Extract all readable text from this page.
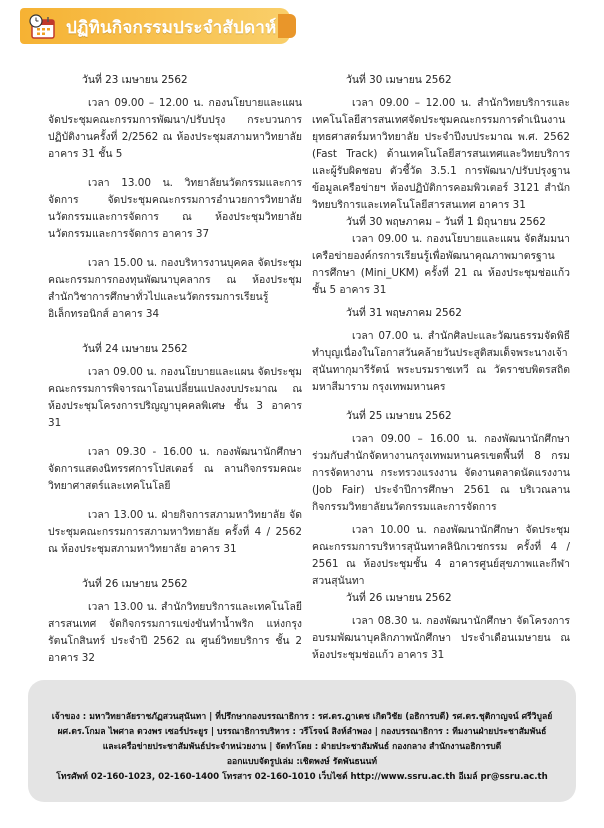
ปฏิทินกิจกรรมประจำสัปดาห์
วันที่ 23 เมษายน 2562
เวลา 09.00 – 12.00 น. กองนโยบายและแผน จัดประชุมคณะกรรมการพัฒนา/ปรับปรุง กระบวนการปฏิบัติงานครั้งที่ 2/2562 ณ ห้องประชุมสภามหาวิทยาลัย อาคาร 31 ชั้น 5
เวลา 13.00 น. วิทยาลัยนวัตกรรมและการจัดการ จัดประชุมคณะกรรมการอำนวยการวิทยาลัยนวัตกรรมและการจัดการ ณ ห้องประชุมวิทยาลัยนวัตกรรมและการจัดการ อาคาร 37
เวลา 15.00 น. กองบริหารงานบุคคล จัดประชุมคณะกรรมการกองทุนพัฒนาบุคลากร ณ ห้องประชุมสำนักวิชาการศึกษาทั่วไปและนวัตกรรมการเรียนรู้อิเล็กทรอนิกส์ อาคาร 34
วันที่ 24 เมษายน 2562
เวลา 09.00 น. กองนโยบายและแผน จัดประชุมคณะกรรมการพิจารณาโอนเปลี่ยนแปลงงบประมาณ ณ ห้องประชุมโครงการปริญญาบุคคลพิเศษ ชั้น 3 อาคาร 31
เวลา 09.30 - 16.00 น. กองพัฒนานักศึกษาจัดการแสดงนิทรรศการโปสเตอร์ ณ ลานกิจกรรมคณะวิทยาศาสตร์และเทคโนโลยี
เวลา 13.00 น. ฝ่ายกิจการสภามหาวิทยาลัย จัดประชุมคณะกรรมการสภามหาวิทยาลัย ครั้งที่ 4 / 2562 ณ ห้องประชุมสภามหาวิทยาลัย อาคาร 31
วันที่ 26 เมษายน 2562
เวลา 13.00 น. สำนักวิทยบริการและเทคโนโลยีสารสนเทศ จัดกิจกรรมการแข่งขันทำน้ำพริก แห่งกรุงรัตนโกสินทร์ ประจำปี 2562 ณ ศูนย์วิทยบริการ ชั้น 2 อาคาร 32
วันที่ 30 เมษายน 2562
เวลา 09.00 – 12.00 น. สำนักวิทยบริการและเทคโนโลยีสารสนเทศจัดประชุมคณะกรรมการดำเนินงานยุทธศาสตร์มหาวิทยาลัย ประจำปีงบประมาณ พ.ศ. 2562 (Fast Track) ด้านเทคโนโลยีสารสนเทศและวิทยบริการ และผู้รับผิดชอบ ตัวชี้วัด 3.5.1 การพัฒนา/ปรับปรุงฐานข้อมูลเครือข่ายฯ ห้องปฏิบัติการคอมพิวเตอร์ 3121 สำนักวิทยบริการและเทคโนโลยีสารสนเทศ อาคาร 31
วันที่ 30 พฤษภาคม – วันที่ 1 มิถุนายน 2562
เวลา 09.00 น. กองนโยบายและแผน จัดสัมมนาเครือข่ายองค์กรการเรียนรู้เพื่อพัฒนาคุณภาพมาตรฐานการศึกษา (Mini_UKM) ครั้งที่ 21 ณ ห้องประชุมช่อแก้ว ชั้น 5 อาคาร 31
วันที่ 31 พฤษภาคม 2562
เวลา 07.00 น. สำนักศิลปะและวัฒนธรรมจัดพิธีทำบุญเนื่องในโอกาสวันคล้ายวันประสูติสมเด็จพระนางเจ้าสุนันทากุมารีรัตน์ พระบรมราชเทวี ณ วัดราชบพิตรสถิตมหาสีมาราม กรุงเทพมหานคร
วันที่ 25 เมษายน 2562
เวลา 09.00 – 16.00 น. กองพัฒนานักศึกษา ร่วมกับสำนักจัดหางานกรุงเทพมหานครเขตพื้นที่ 8 กรมการจัดหางาน กระทรวงแรงงาน จัดงานตลาดนัดแรงงาน (Job Fair) ประจำปีการศึกษา 2561 ณ บริเวณลานกิจกรรมวิทยาลัยนวัตกรรมและการจัดการ
เวลา 10.00 น. กองพัฒนานักศึกษา จัดประชุมคณะกรรมการบริหารสุนันทาคลินิกเวชกรรม ครั้งที่ 4 / 2561 ณ ห้องประชุมชั้น 4 อาคารศูนย์สุขภาพและกีฬาสวนสุนันทา
วันที่ 26 เมษายน 2562
เวลา 08.30 น. กองพัฒนานักศึกษา จัดโครงการอบรมพัฒนาบุคลิกภาพนักศึกษา ประจำเดือนเมษายน ณ ห้องประชุมช่อแก้ว อาคาร 31
เจ้าของ : มหาวิทยาลัยราชภัฏสวนสุนันทา | ที่ปรึกษากองบรรณาธิการ : รศ.ดร.ฎาเดช เกิดวิชัย (อธิการบดี) รศ.ดร.ชุติกาญจน์ ศรีวิบูลย์
ผศ.ดร.โกมล ไพศาล ดวงพร เซอร์ประยูร | บรรณาธิการบริหาร : วรีโรจน์ สิงห์ลำพอง | กองบรรณาธิการ : ทีมงานฝ่ายประชาสัมพันธ์
และเครือข่ายประชาสัมพันธ์ประจำหน่วยงาน | จัดทำโดย : ฝ่ายประชาสัมพันธ์ กองกลาง สำนักงานอธิการบดี
ออกแบบจัดรูปเล่ม :เชิดพงษ์ รัตพันธนนท์
โทรศัพท์ 02-160-1023, 02-160-1400 โทรสาร 02-160-1010 เว็บไซต์ http://www.ssru.ac.th อีเมล์ pr@ssru.ac.th
